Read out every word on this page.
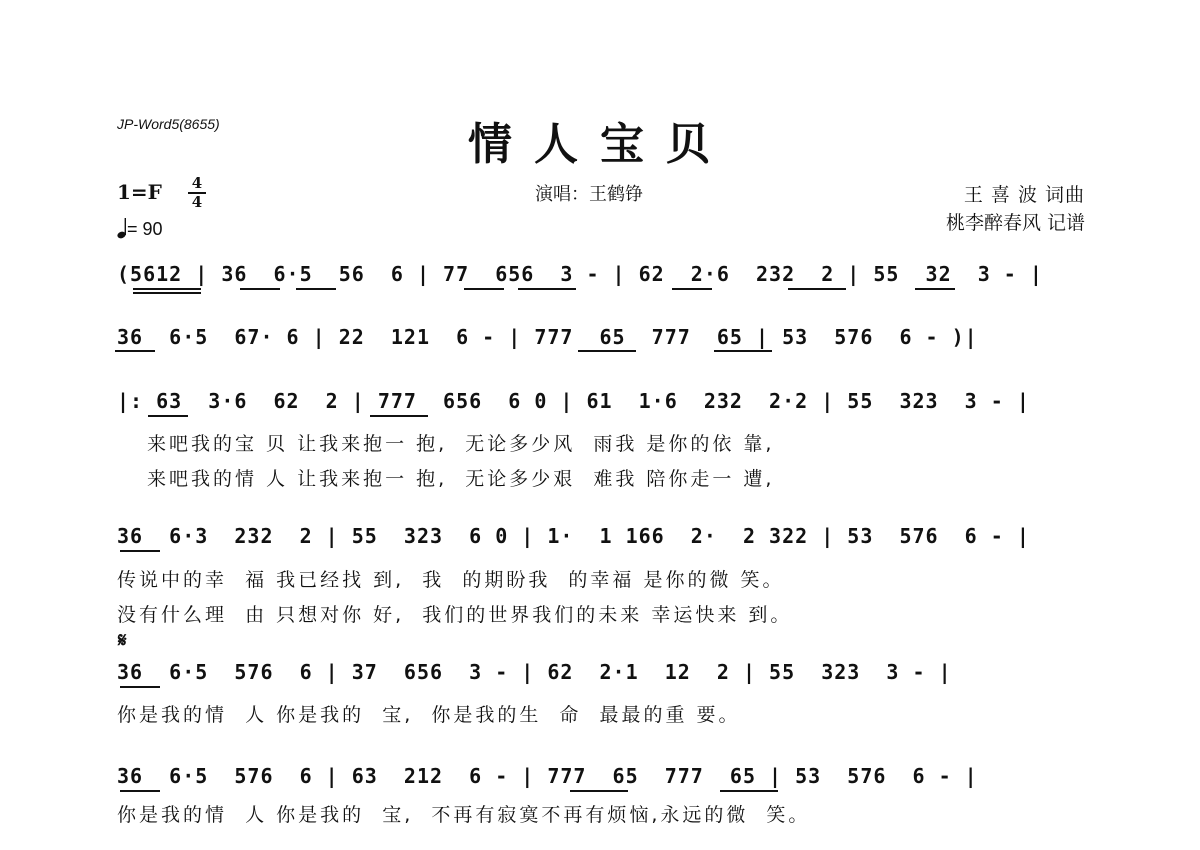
JP-Word5(8655)	情人宝贝
1=F 4
4
= 90
演唱：王鹤铮	王 喜 波 词曲
桃李醉春风 记谱
(5612 | 36  6·5  56  6 | 77  656  3 - | 62  2·6  232  2 | 55  32  3 - |
36  6·5  67· 6 | 22  121  6 - | 777  65  777  65 | 53  576  6 - )|
|: 63  3·6  62  2 | 777  656  6 0 | 61  1·6  232  2·2 | 55  323  3 - |
来吧我的宝 贝 让我来抱一 抱,  无论多少风  雨我 是你的依 靠,
来吧我的情 人 让我来抱一 抱,  无论多少艰  难我 陪你走一 遭,
36  6·3  232  2 | 55  323  6 0 | 1·  1 166  2·  2 322 | 53  576  6 - |
传说中的幸  福 我已经找 到,  我  的期盼我  的幸福 是你的微 笑。
没有什么理  由 只想对你 好,  我们的世界我们的未来 幸运快来 到。
𝄋
36  6·5  576  6 | 37  656  3 - | 62  2·1  12  2 | 55  323  3 - |
你是我的情  人 你是我的  宝,  你是我的生  命  最最的重 要。
36  6·5  576  6 | 63  212  6 - | 777  65  777  65 | 53  576  6 - |
你是我的情  人 你是我的  宝,  不再有寂寞不再有烦恼,永远的微  笑。
